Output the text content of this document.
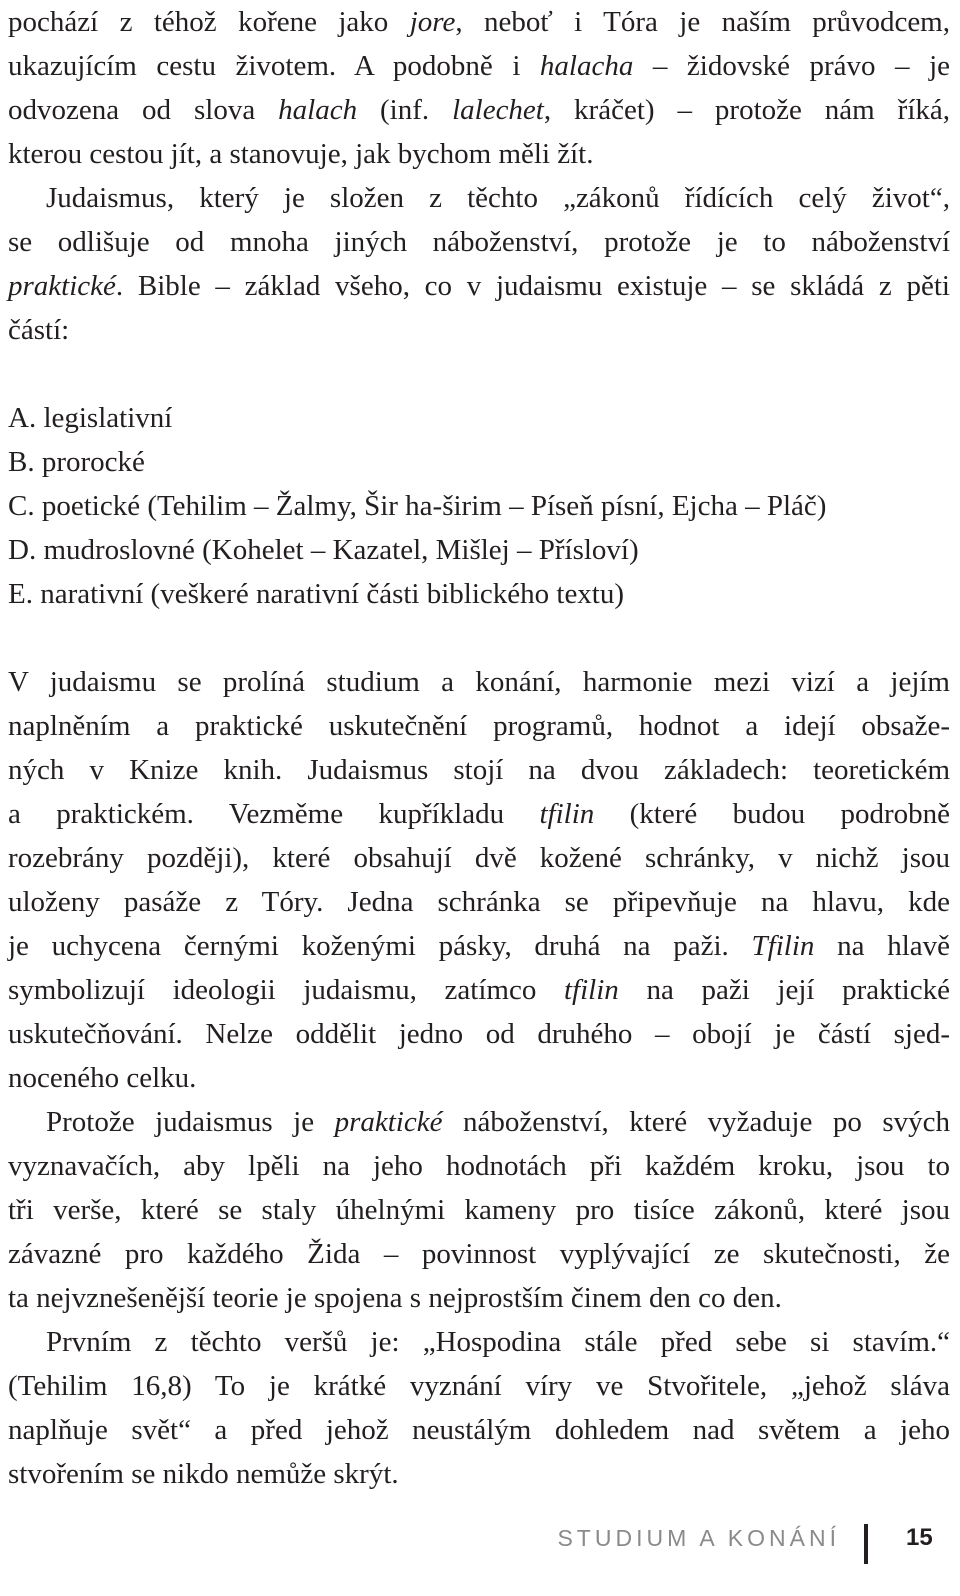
pochází z téhož kořene jako jore, neboť i Tóra je naším průvodcem,
ukazujícím cestu životem. A podobně i halacha – židovské právo – je
odvozena od slova halach (inf. lalechet, kráčet) – protože nám říká,
kterou cestou jít, a stanovuje, jak bychom měli žít.
Judaismus, který je složen z těchto „zákonů řídících celý život“,
se odlišuje od mnoha jiných náboženství, protože je to náboženství
praktické. Bible – základ všeho, co v judaismu existuje – se skládá z pěti
částí:
A. legislativní
B. prorocké
C. poetické (Tehilim – Žalmy, Šir ha-širim – Píseň písní, Ejcha – Pláč)
D. mudroslovné (Kohelet – Kazatel, Mišlej – Přísloví)
E. narativní (veškeré narativní části biblického textu)
V judaismu se prolíná studium a konání, harmonie mezi vizí a jejím
naplněním a praktické uskutečnění programů, hodnot a idejí obsaže-
ných v Knize knih. Judaismus stojí na dvou základech: teoretickém
a praktickém. Vezměme kupříkladu tfilin (které budou podrobně
rozebrány později), které obsahují dvě kožené schránky, v nichž jsou
uloženy pasáže z Tóry. Jedna schránka se připevňuje na hlavu, kde
je uchycena černými koženými pásky, druhá na paži. Tfilin na hlavě
symbolizují ideologii judaismu, zatímco tfilin na paži její praktické
uskutečňování. Nelze oddělit jedno od druhého – obojí je částí sjed-
noceného celku.
Protože judaismus je praktické náboženství, které vyžaduje po svých
vyznavačích, aby lpěli na jeho hodnotách při každém kroku, jsou to
tři verše, které se staly úhelnými kameny pro tisíce zákonů, které jsou
závazné pro každého Žida – povinnost vyplývající ze skutečnosti, že
ta nejvznešenější teorie je spojena s nejprostším činem den co den.
Prvním z těchto veršů je: „Hospodina stále před sebe si stavím.“
(Tehilim 16,8) To je krátké vyznání víry ve Stvořitele, „jehož sláva
naplňuje svět“ a před jehož neustálým dohledem nad světem a jeho
stvořením se nikdo nemůže skrýt.
STUDIUM A KONÁNÍ	15
